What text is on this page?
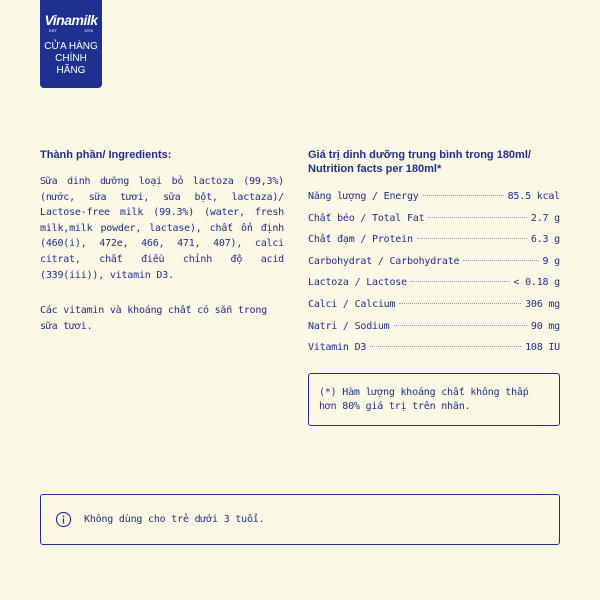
Vinamilk
EST	1976
CỬA HÀNG
CHÍNH HÃNG
Thành phần/ Ingredients:
Sữa dinh dưỡng loại bỏ lactoza (99,3%) (nước, sữa tươi, sữa bột, lactaza)/ Lactose-free milk (99.3%) (water, fresh milk,milk powder, lactase), chất ổn định (460(i), 472e, 466, 471, 407), calci citrat, chất điều chỉnh độ acid (339(iii)), vitamin D3.
Các vitamin và khoáng chất có sẵn trong sữa tươi.
Giá trị dinh dưỡng trung bình trong 180ml/ Nutrition facts per 180ml*
Năng lượng / Energy	85.5 kcal
Chất béo / Total Fat	2.7 g
Chất đạm / Protein	6.3 g
Carbohydrat / Carbohydrate	9 g
Lactoza / Lactose	< 0.18 g
Calci / Calcium	306 mg
Natri / Sodium	90 mg
Vitamin D3	108 IU
(*) Hàm lượng khoáng chất không thấp hơn 80% giá trị trên nhãn.
Không dùng cho trẻ dưới 3 tuổi.
